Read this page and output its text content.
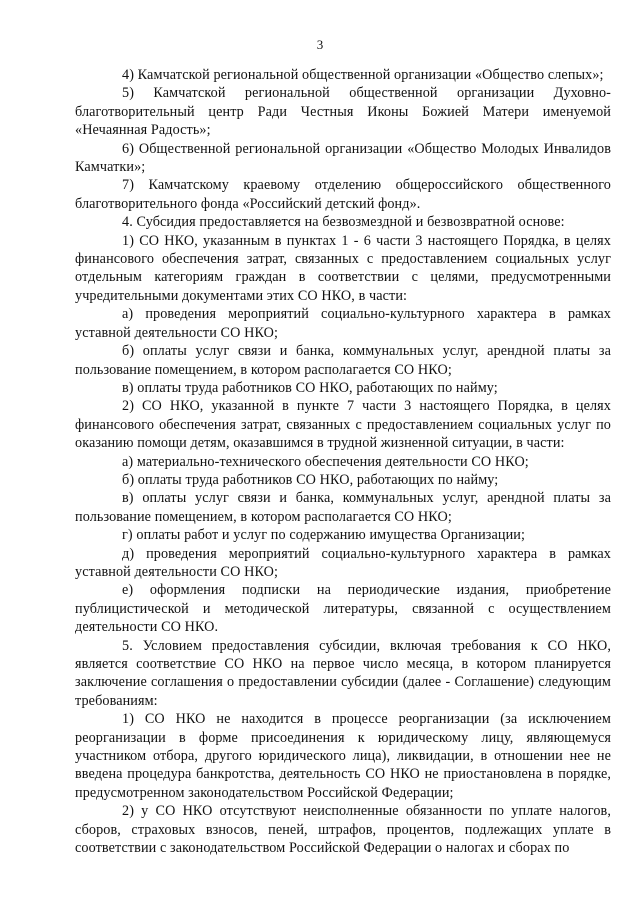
3

4) Камчатской региональной общественной организации «Общество слепых»;

5) Камчатской региональной общественной организации Духовно-благотворительный центр Ради Честныя Иконы Божией Матери именуемой «Нечаянная Радость»;

6) Общественной региональной организации «Общество Молодых Инвалидов Камчатки»;

7) Камчатскому краевому отделению общероссийского общественного благотворительного фонда «Российский детский фонд».

4. Субсидия предоставляется на безвозмездной и безвозвратной основе:

1) СО НКО, указанным в пунктах 1 - 6 части 3 настоящего Порядка, в целях финансового обеспечения затрат, связанных с предоставлением социальных услуг отдельным категориям граждан в соответствии с целями, предусмотренными учредительными документами этих СО НКО, в части:

а) проведения мероприятий социально-культурного характера в рамках уставной деятельности СО НКО;

б) оплаты услуг связи и банка, коммунальных услуг, арендной платы за пользование помещением, в котором располагается СО НКО;

в) оплаты труда работников СО НКО, работающих по найму;

2) СО НКО, указанной в пункте 7 части 3 настоящего Порядка, в целях финансового обеспечения затрат, связанных с предоставлением социальных услуг по оказанию помощи детям, оказавшимся в трудной жизненной ситуации, в части:

а) материально-технического обеспечения деятельности СО НКО;

б) оплаты труда работников СО НКО, работающих по найму;

в) оплаты услуг связи и банка, коммунальных услуг, арендной платы за пользование помещением, в котором располагается СО НКО;

г) оплаты работ и услуг по содержанию имущества Организации;

д) проведения мероприятий социально-культурного характера в рамках уставной деятельности СО НКО;

е) оформления подписки на периодические издания, приобретение публицистической и методической литературы, связанной с осуществлением деятельности СО НКО.

5. Условием предоставления субсидии, включая требования к СО НКО, является соответствие СО НКО на первое число месяца, в котором планируется заключение соглашения о предоставлении субсидии (далее - Соглашение) следующим требованиям:

1) СО НКО не находится в процессе реорганизации (за исключением реорганизации в форме присоединения к юридическому лицу, являющемуся участником отбора, другого юридического лица), ликвидации, в отношении нее не введена процедура банкротства, деятельность СО НКО не приостановлена в порядке, предусмотренном законодательством Российской Федерации;

2) у СО НКО отсутствуют неисполненные обязанности по уплате налогов, сборов, страховых взносов, пеней, штрафов, процентов, подлежащих уплате в соответствии с законодательством Российской Федерации о налогах и сборах по
